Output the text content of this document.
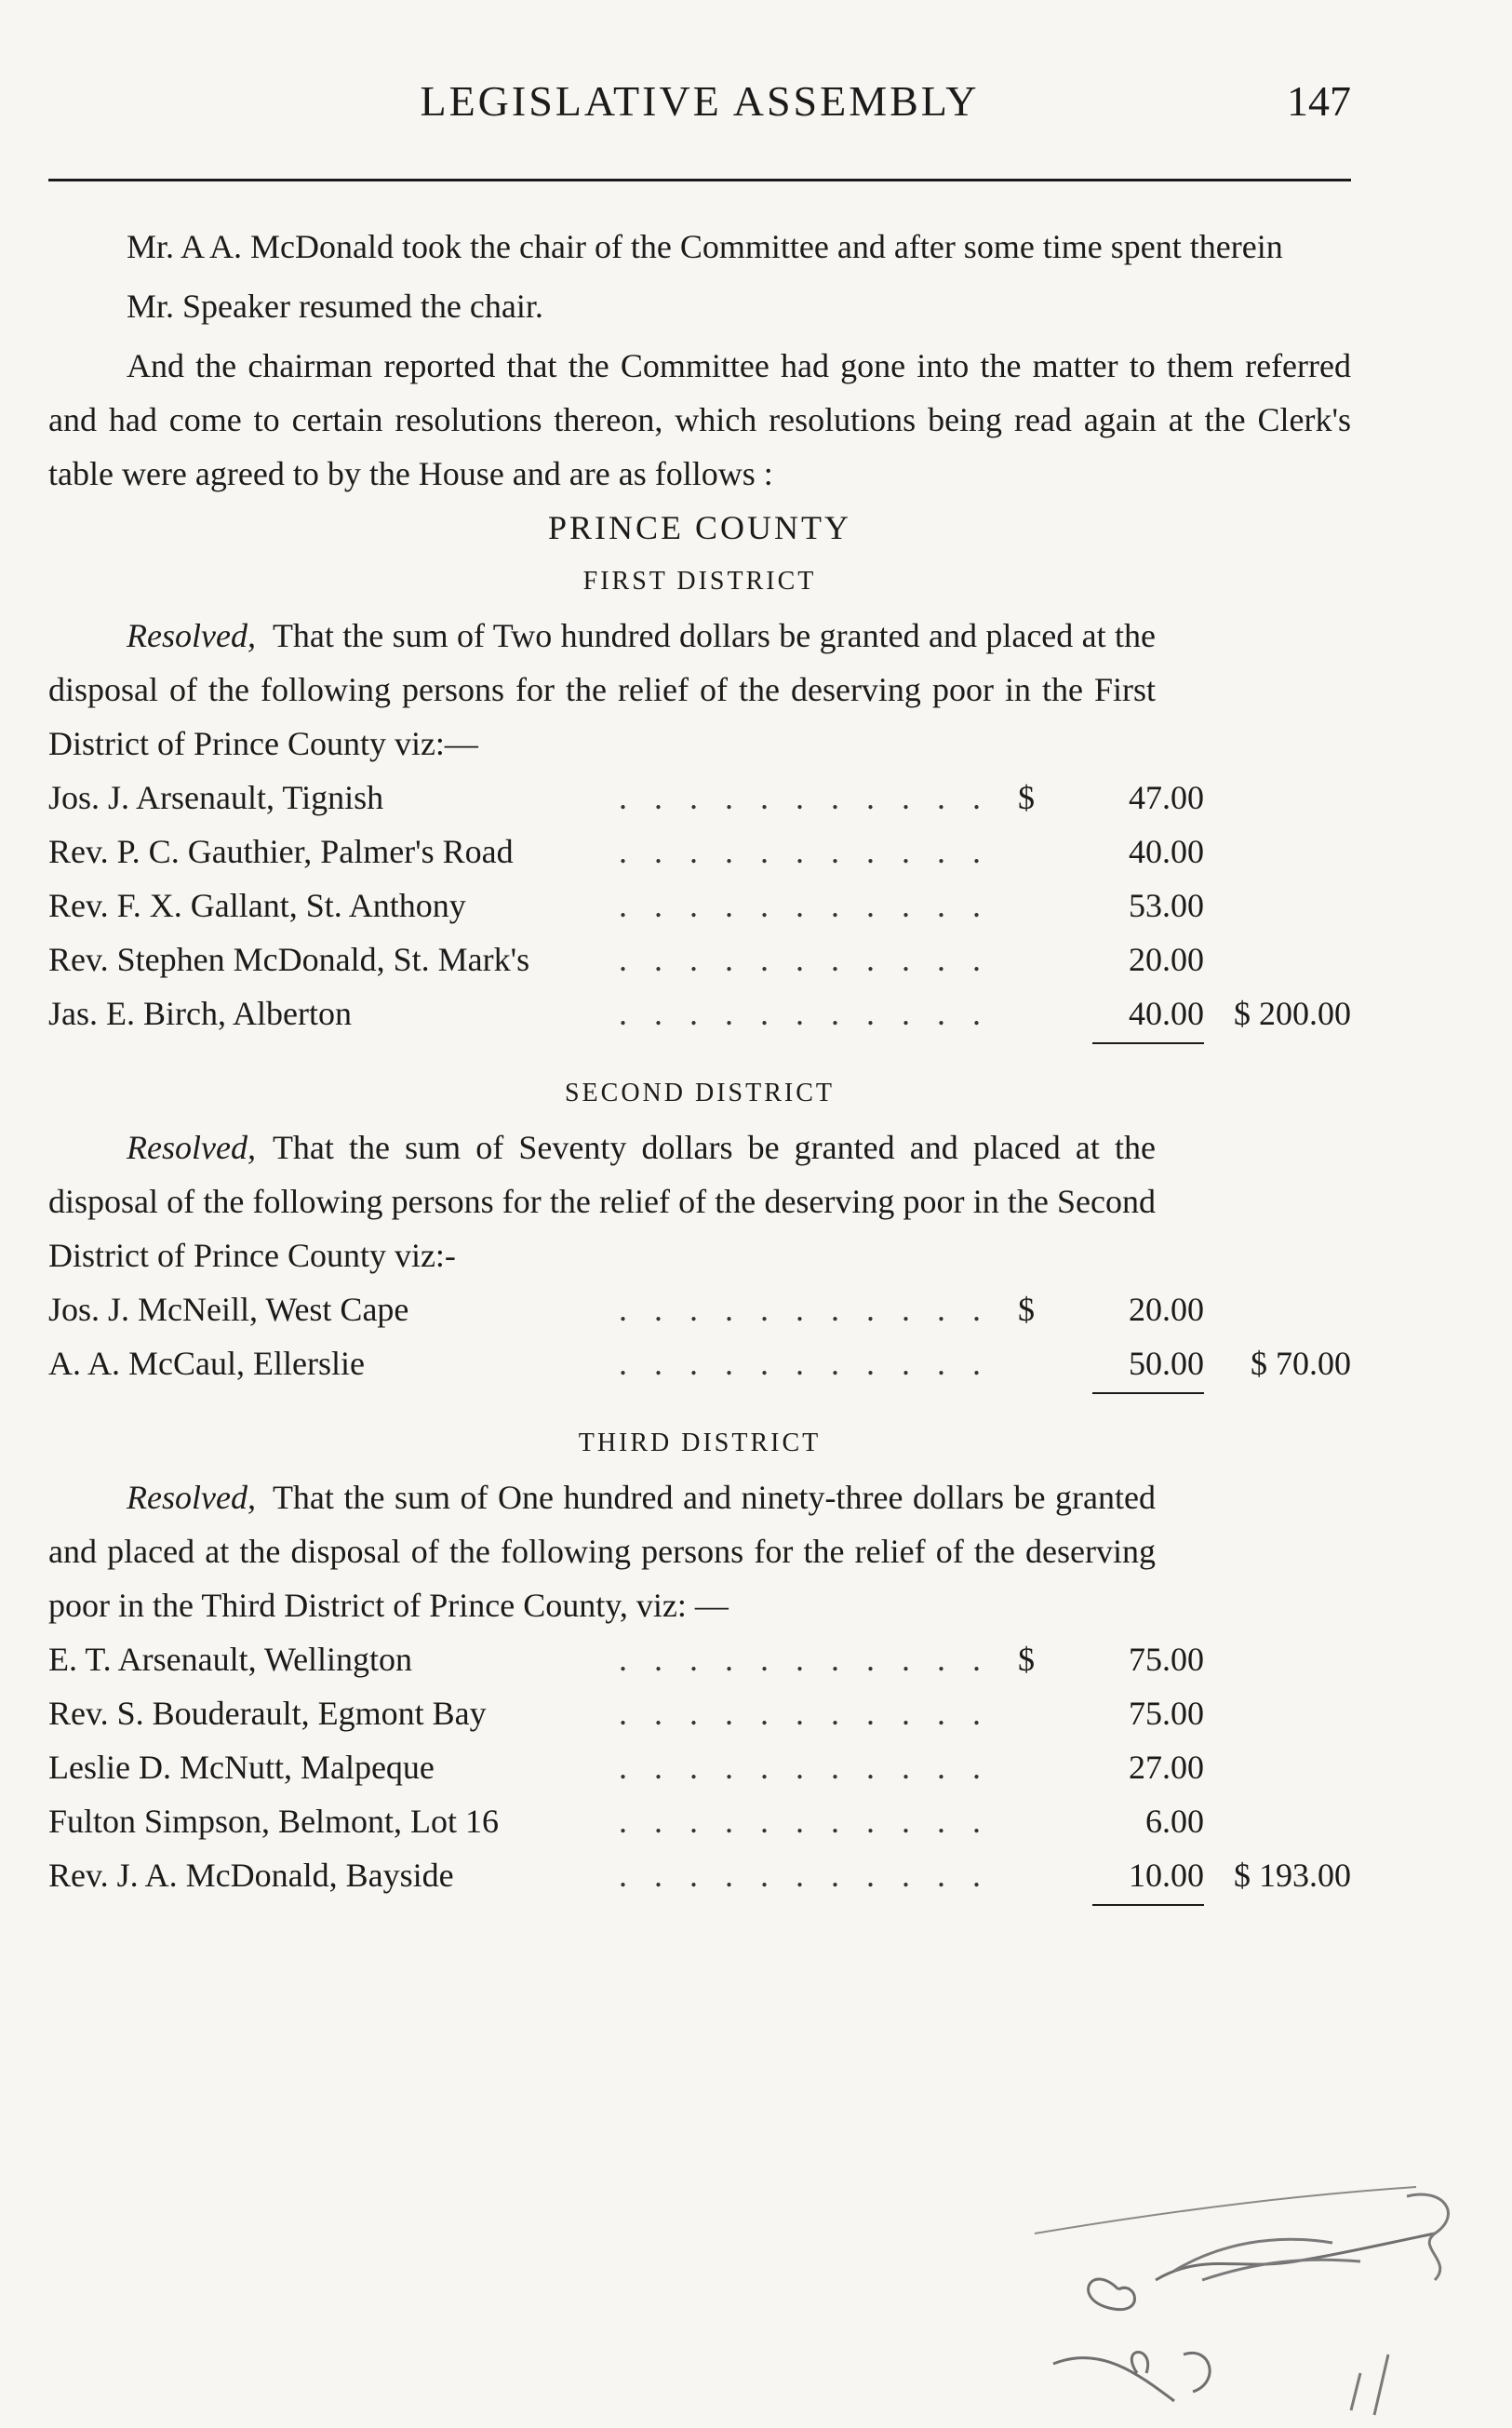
LEGISLATIVE ASSEMBLY	147

Mr. A A. McDonald took the chair of the Committee and after some time spent therein

Mr. Speaker resumed the chair.

And the chairman reported that the Committee had gone into the matter to them referred and had come to certain resolutions thereon, which resolutions being read again at the Clerk's table were agreed to by the House and are as follows :

PRINCE COUNTY
FIRST DISTRICT

Resolved, That the sum of Two hundred dollars be granted and placed at the disposal of the following persons for the relief of the deserving poor in the First District of Prince County viz:—

Jos. J. Arsenault, Tignish	. . . . . . . . . . . $	47.00
Rev. P. C. Gauthier, Palmer's Road	. . . . . . . . . . .	40.00
Rev. F. X. Gallant, St. Anthony	. . . . . . . . . . .	53.00
Rev. Stephen McDonald, St. Mark's	. . . . . . . . . . .	20.00
Jas. E. Birch, Alberton	. . . . . . . . . . .	40.00 $ 200.00
SECOND DISTRICT

Resolved, That the sum of Seventy dollars be granted and placed at the disposal of the following persons for the relief of the deserving poor in the Second District of Prince County viz:-

Jos. J. McNeill, West Cape	. . . . . . . . . . . $	20.00
A. A. McCaul, Ellerslie	. . . . . . . . . . .	50.00	$ 70.00
THIRD DISTRICT

Resolved, That the sum of One hundred and ninety-three dollars be granted and placed at the disposal of the following persons for the relief of the deserving poor in the Third District of Prince County, viz: —

E. T. Arsenault, Wellington	. . . . . . . . . . . $	75.00
Rev. S. Bouderault, Egmont Bay	. . . . . . . . . . .	75.00
Leslie D. McNutt, Malpeque	. . . . . . . . . . .	27.00
Fulton Simpson, Belmont, Lot 16	. . . . . . . . . . .	6.00
Rev. J. A. McDonald, Bayside	. . . . . . . . . . .	10.00 $ 193.00
